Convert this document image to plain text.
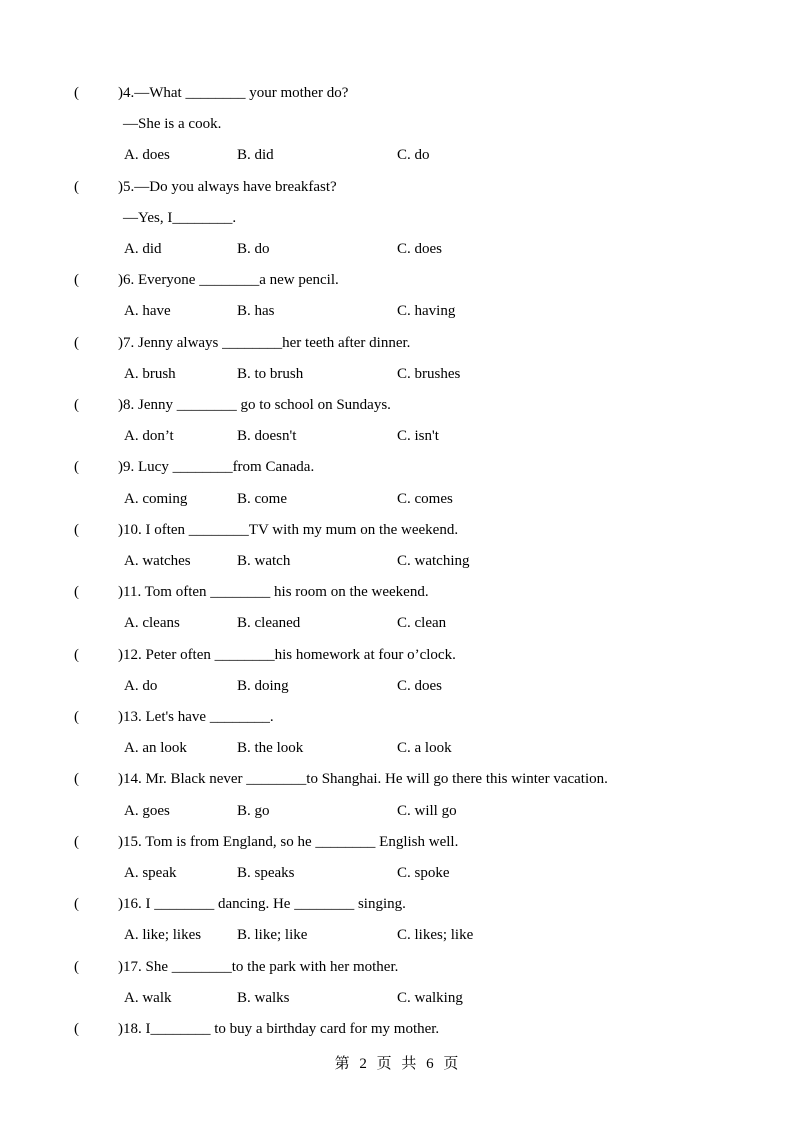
(	)4.—What ________ your mother do?
—She is a cook.
A. does	B. did	C. do
(	)5.—Do you always have breakfast?
—Yes, I________.
A. did	B. do	C. does
(	)6. Everyone ________a new pencil.
A. have	B. has	C. having
(	)7. Jenny always ________her teeth after dinner.
A. brush	B. to brush	C. brushes
(	)8. Jenny ________ go to school on Sundays.
A. don’t	B. doesn't	C. isn't
(	)9. Lucy ________from Canada.
A. coming	B. come	C. comes
(	)10. I often ________TV with my mum on the weekend.
A. watches	B. watch	C. watching
(	)11. Tom often ________ his room on the weekend.
A. cleans	B. cleaned	C. clean
(	)12. Peter often ________his homework at four o’clock.
A. do	B. doing	C. does
(	)13. Let's have ________.
A. an look	B. the look	C. a look
(	)14. Mr. Black never ________to Shanghai. He will go there this winter vacation.
A. goes	B. go	C. will go
(	)15. Tom is from England, so he ________ English well.
A. speak	B. speaks	C. spoke
(	)16. I ________ dancing. He ________ singing.
A. like; likes B. like; like	C. likes; like
(	)17. She ________to the park with her mother.
A. walk	B. walks	C. walking
(	)18. I________ to buy a birthday card for my mother.
第 2 页 共 6 页
